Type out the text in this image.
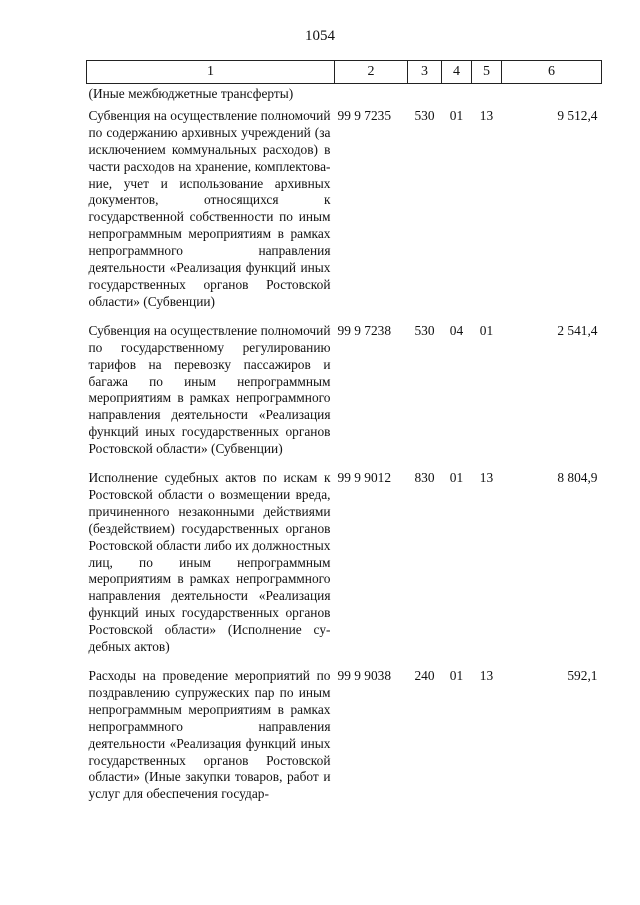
1054
1	2	3	4	5	6
(Иные межбюджетные трансферты)					
Субвенция на осуществление полномочий по содержанию архивных учреждений (за исключением коммунальных расходов) в части расходов на хранение, комплектование, учет и использование архивных документов, относящихся к государственной собственности по иным непрограммным мероприятиям в рамках непрограммного направления деятельности «Реализация функций иных государственных органов Ростовской области» (Субвенции)	99 9 7235	530	01	13	9 512,4
Субвенция на осуществление полномочий по государственному регулированию тарифов на перевозку пассажиров и багажа по иным непрограммным мероприятиям в рамках непрограммного направления деятельности «Реализация функций иных государственных органов Ростовской области» (Субвенции)	99 9 7238	530	04	01	2 541,4
Исполнение судебных актов по искам к Ростовской области о возмещении вреда, причиненного незаконными действиями (бездействием) государственных органов Ростовской области либо их должностных лиц, по иным непрограммным мероприятиям в рамках непрограммного направления деятельности «Реализация функций иных государственных органов Ростовской области» (Исполнение судебных актов)	99 9 9012	830	01	13	8 804,9
Расходы на проведение мероприятий по поздравлению супружеских пар по иным непрограммным мероприятиям в рамках непрограммного направления деятельности «Реализация функций иных государственных органов Ростовской области» (Иные закупки товаров, работ и услуг для обеспечения государ-	99 9 9038	240	01	13	592,1
